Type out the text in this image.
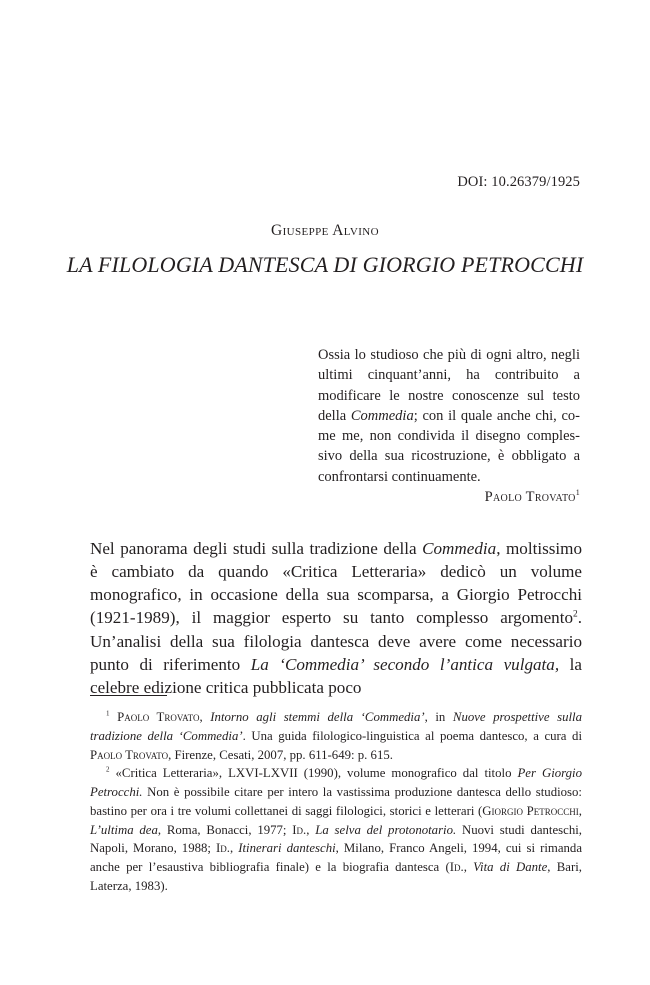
DOI: 10.26379/1925
Giuseppe Alvino
LA FILOLOGIA DANTESCA DI GIORGIO PETROCCHI

Ossia lo studioso che più di ogni altro, negli ultimi cinquant’anni, ha contribuito a modificare le nostre conoscenze sul testo della Commedia; con il quale anche chi, come me, non condivida il disegno complessivo della sua ricostruzione, è obbligato a confrontarsi continuamente.

Paolo Trovato$^1$

Nel panorama degli studi sulla tradizione della Commedia, moltissimo è cambiato da quando «Critica Letteraria» dedicò un volume monografico, in occasione della sua scomparsa, a Giorgio Petrocchi (1921-1989), il maggior esperto su tanto complesso argomento$^2$. Un’analisi della sua filologia dantesca deve avere come necessario punto di riferimento La ‘Commedia’ secondo l’antica vulgata, la celebre edizione critica pubblicata poco

$^1$ Paolo Trovato, Intorno agli stemmi della ‘Commedia’, in Nuove prospettive sulla tradizione della ‘Commedia’. Una guida filologico-linguistica al poema dantesco, a cura di Paolo Trovato, Firenze, Cesati, 2007, pp. 611-649: p. 615.

$^2$ «Critica Letteraria», LXVI-LXVII (1990), volume monografico dal titolo Per Giorgio Petrocchi. Non è possibile citare per intero la vastissima produzione dantesca dello studioso: bastino per ora i tre volumi collettanei di saggi filologici, storici e letterari (Giorgio Petrocchi, L’ultima dea, Roma, Bonacci, 1977; Id., La selva del protonotario. Nuovi studi danteschi, Napoli, Morano, 1988; Id., Itinerari danteschi, Milano, Franco Angeli, 1994, cui si rimanda anche per l’esaustiva bibliografia finale) e la biografia dantesca (Id., Vita di Dante, Bari, Laterza, 1983).
